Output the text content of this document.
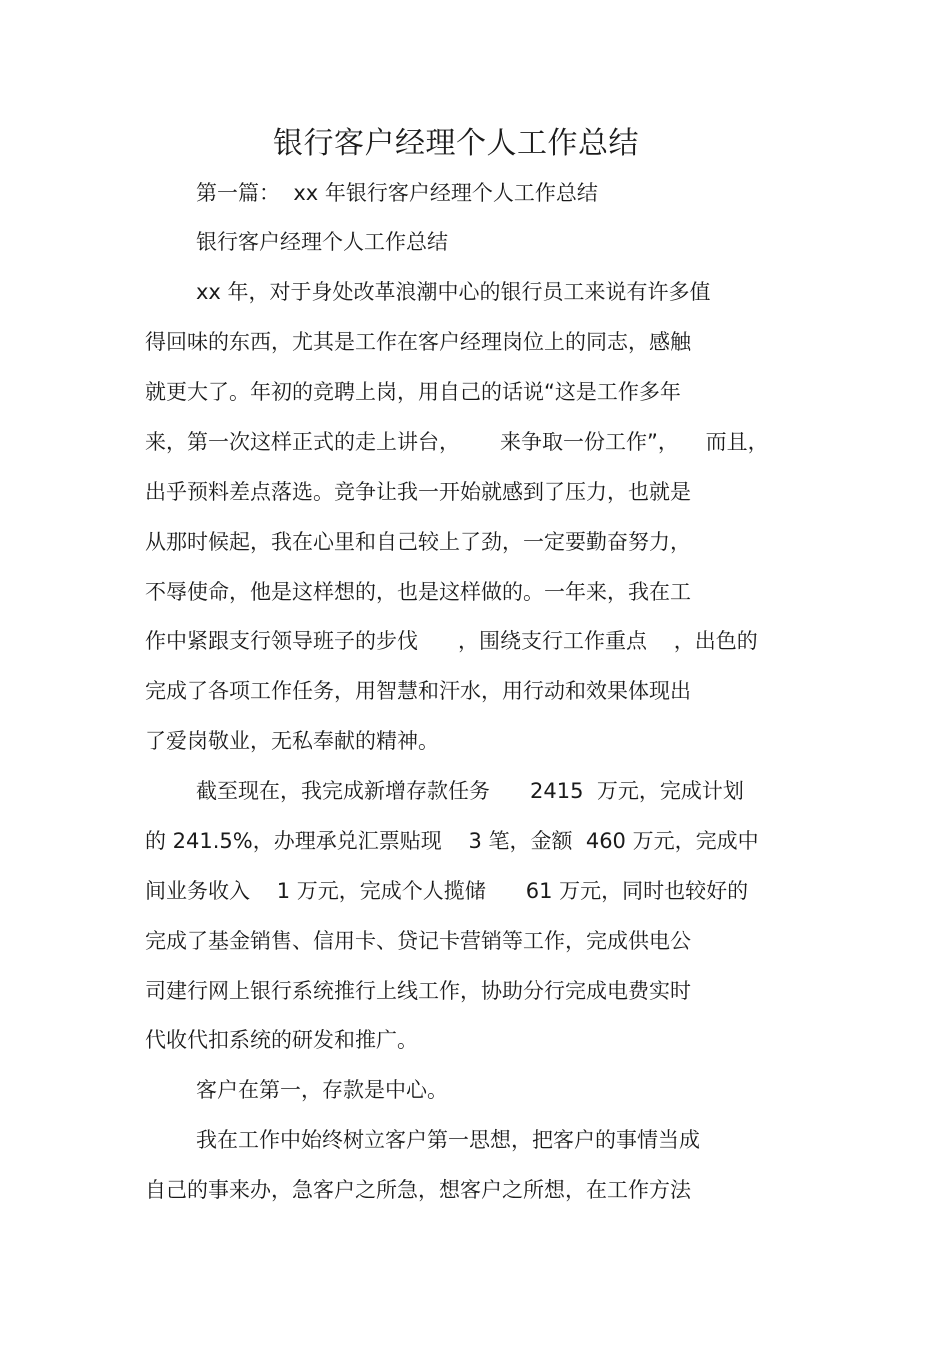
银行客户经理个人工作总结
第一篇：  xx 年银行客户经理个人工作总结
银行客户经理个人工作总结
xx 年，对于身处改革浪潮中心的银行员工来说有许多值
得回味的东西，尤其是工作在客户经理岗位上的同志，感触
就更大了。年初的竞聘上岗，用自己的话说“这是工作多年
来，第一次这样正式的走上讲台，      来争取一份工作”，    而且，
出乎预料差点落选。竞争让我一开始就感到了压力，也就是
从那时候起，我在心里和自己较上了劲，一定要勤奋努力，
不辱使命，他是这样想的，也是这样做的。一年来，我在工
作中紧跟支行领导班子的步伐      ，围绕支行工作重点    ，出色的
完成了各项工作任务，用智慧和汗水，用行动和效果体现出
了爱岗敬业，无私奉献的精神。
截至现在，我完成新增存款任务      2415  万元，完成计划
的 241.5%，办理承兑汇票贴现    3 笔，金额  460 万元，完成中
间业务收入    1 万元，完成个人揽储      61 万元，同时也较好的
完成了基金销售、信用卡、贷记卡营销等工作，完成供电公
司建行网上银行系统推行上线工作，协助分行完成电费实时
代收代扣系统的研发和推广。
客户在第一，存款是中心。
我在工作中始终树立客户第一思想，把客户的事情当成
自己的事来办，急客户之所急，想客户之所想，在工作方法
